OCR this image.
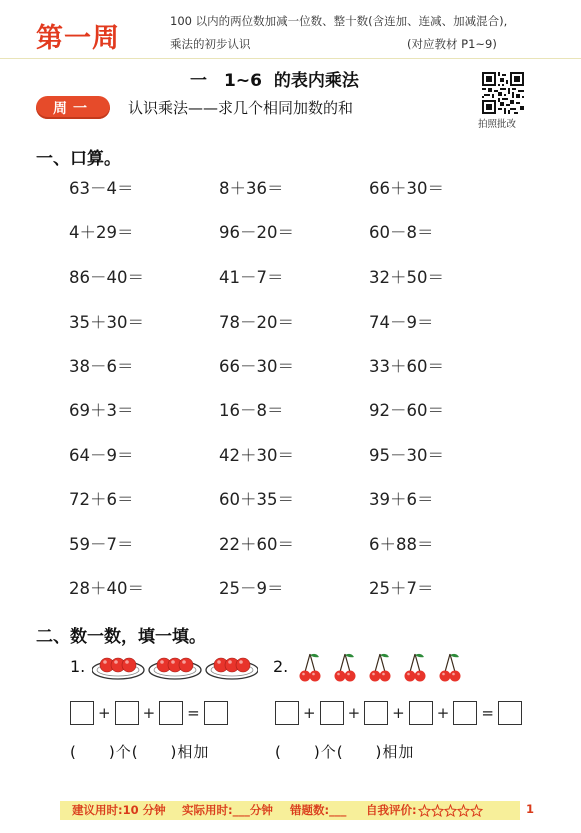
第一周
100 以内的两位数加减一位数、整十数(含连加、连减、加减混合),
乘法的初步认识	(对应教材 P1~9)
一　1~6 的表内乘法
周一	认识乘法——求几个相同加数的和
拍照批改
一、口算。
63－4＝	8＋36＝	66＋30＝
4＋29＝	96－20＝	60－8＝
86－40＝	41－7＝	32＋50＝
35＋30＝	78－20＝	74－9＝
38－6＝	66－30＝	33＋60＝
69＋3＝	16－8＝	92－60＝
64－9＝	42＋30＝	95－30＝
72＋6＝	60＋35＝	39＋6＝
59－7＝	22＋60＝	6＋88＝
28＋40＝	25－9＝	25＋7＝
二、数一数，填一填。
1.	2.
+ + =	+ + + + =
(　　)个(　　)相加	(　　)个(　　)相加
建议用时:10 分钟 实际用时:___分钟 错题数:___ 自我评价:	1
